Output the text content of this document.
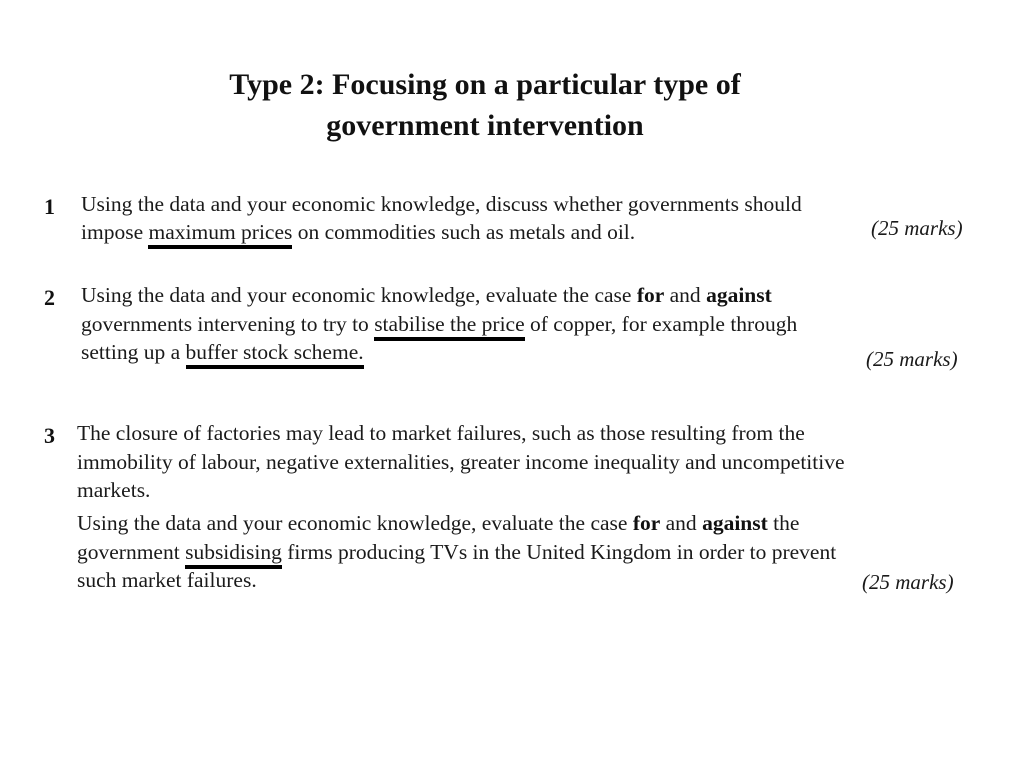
Type 2: Focusing on a particular type of
government intervention
1 Using the data and your economic knowledge, discuss whether governments should
impose maximum prices on commodities such as metals and oil.	(25 marks)
2 Using the data and your economic knowledge, evaluate the case for and against
governments intervening to try to stabilise the price of copper, for example through
setting up a buffer stock scheme.	(25 marks)
3 The closure of factories may lead to market failures, such as those resulting from the
immobility of labour, negative externalities, greater income inequality and uncompetitive
markets.
Using the data and your economic knowledge, evaluate the case for and against the
government subsidising firms producing TVs in the United Kingdom in order to prevent
such market failures.	(25 marks)
